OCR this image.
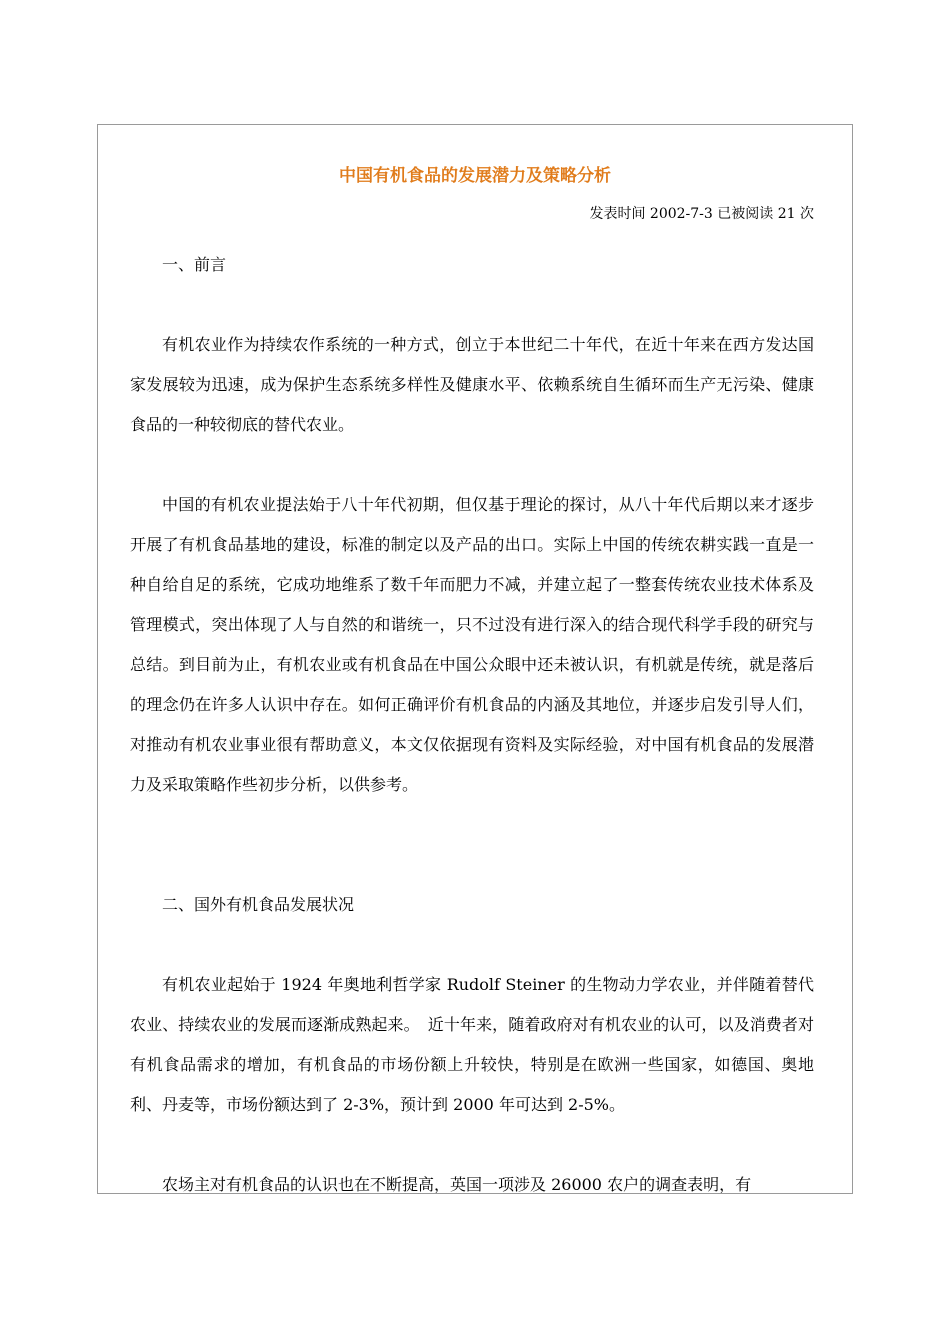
中国有机食品的发展潜力及策略分析
发表时间 2002-7-3 已被阅读 21 次

一、前言

有机农业作为持续农作系统的一种方式，创立于本世纪二十年代，在近十年来在西方发达国家发展较为迅速，成为保护生态系统多样性及健康水平、依赖系统自生循环而生产无污染、健康食品的一种较彻底的替代农业。

中国的有机农业提法始于八十年代初期，但仅基于理论的探讨，从八十年代后期以来才逐步开展了有机食品基地的建设，标准的制定以及产品的出口。实际上中国的传统农耕实践一直是一种自给自足的系统，它成功地维系了数千年而肥力不减，并建立起了一整套传统农业技术体系及管理模式，突出体现了人与自然的和谐统一，只不过没有进行深入的结合现代科学手段的研究与总结。到目前为止，有机农业或有机食品在中国公众眼中还未被认识，有机就是传统，就是落后的理念仍在许多人认识中存在。如何正确评价有机食品的内涵及其地位，并逐步启发引导人们，对推动有机农业事业很有帮助意义，本文仅依据现有资料及实际经验，对中国有机食品的发展潜力及采取策略作些初步分析，以供参考。

二、国外有机食品发展状况

有机农业起始于 1924 年奥地利哲学家 Rudolf Steiner 的生物动力学农业，并伴随着替代农业、持续农业的发展而逐渐成熟起来。　近十年来，随着政府对有机农业的认可，以及消费者对有机食品需求的增加，有机食品的市场份额上升较快，特别是在欧洲一些国家，如德国、奥地利、丹麦等，市场份额达到了 2-3%，预计到 2000 年可达到 2-5%。

农场主对有机食品的认识也在不断提高，英国一项涉及 26000 农户的调查表明，有
